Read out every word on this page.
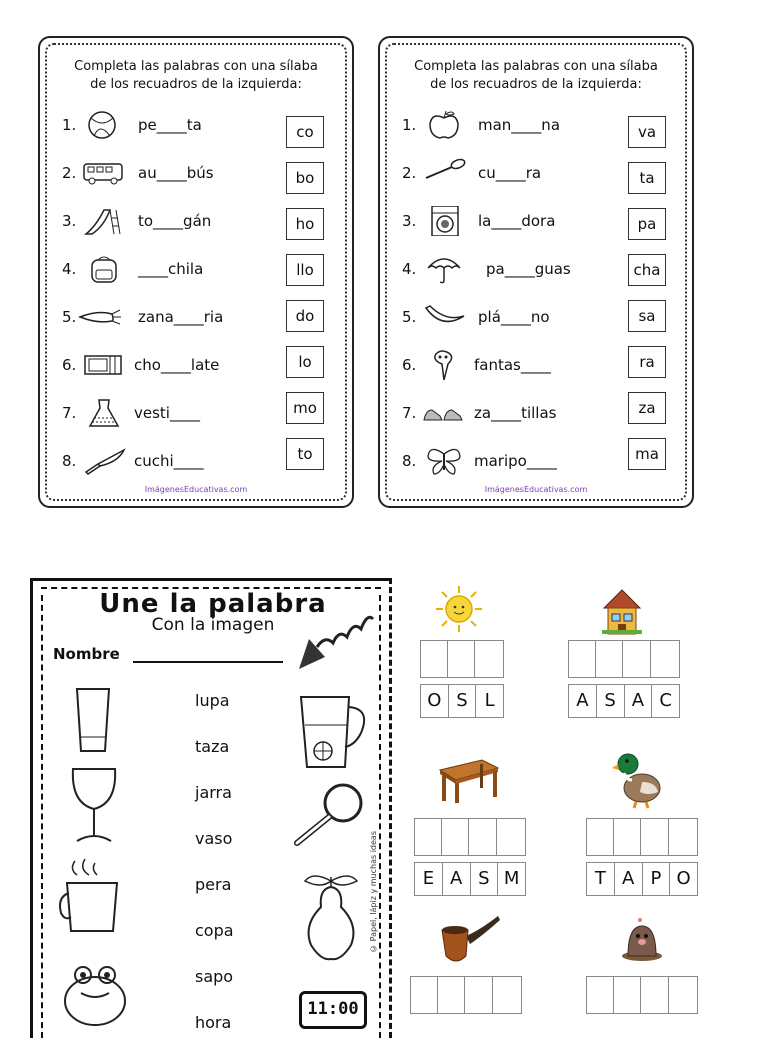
Completa las palabras con una sílaba
de los recuadros de la izquierda:
1.	pe____ta
2.	au____bús
3.	to____gán
4.	____chila
5.	zana____ria
6.	cho____late
7.	vesti____
8.	cuchi____
co
bo
ho
llo
do
lo
mo
to
ImágenesEducativas.com
Completa las palabras con una sílaba
de los recuadros de la izquierda:
1.	man____na
2.	cu____ra
3.	la____dora
4.	pa____guas
5.	plá____no
6.	fantas____
7.	za____tillas
8.	maripo____
va
ta
pa
cha
sa
ra
za
ma
ImágenesEducativas.com
Une la palabra
Con la imagen
Nombre
lupa
taza
jarra
vaso
pera
copa
sapo
hora
11:00
© Papel, lápiz y muchas ideas
O S L	A S A C
E A S M	T A P O
